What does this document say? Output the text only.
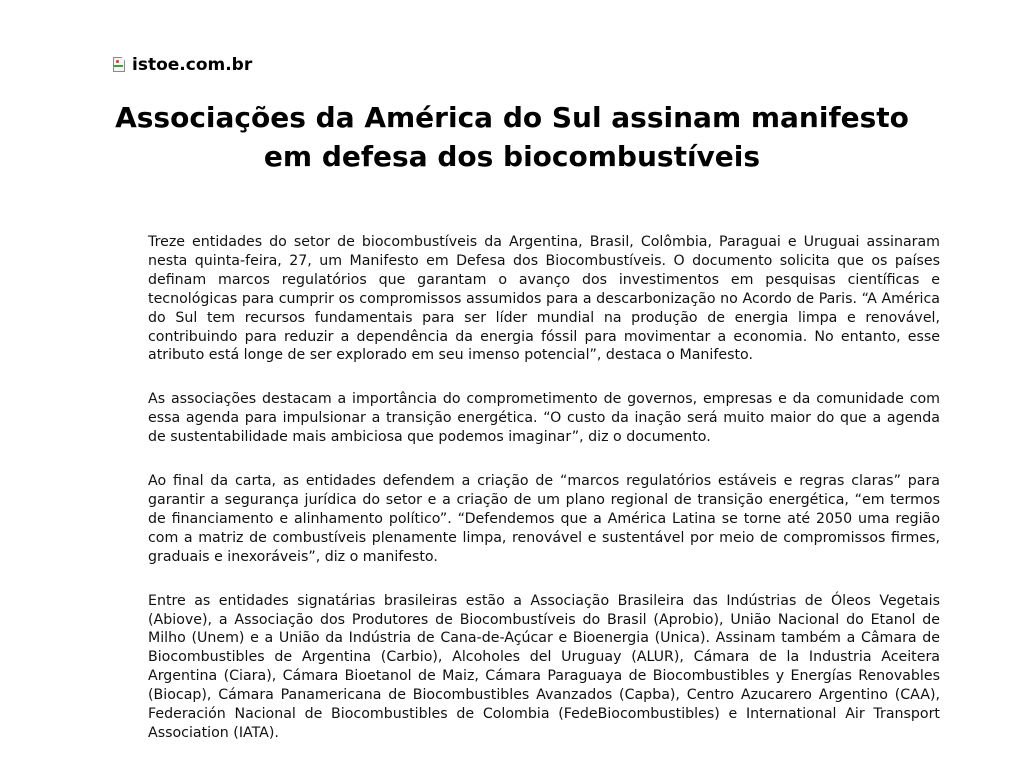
istoe.com.br
Associações da América do Sul assinam manifesto em defesa dos biocombustíveis

Treze entidades do setor de biocombustíveis da Argentina, Brasil, Colômbia, Paraguai e Uruguai assinaram nesta quinta-feira, 27, um Manifesto em Defesa dos Biocombustíveis. O documento solicita que os países definam marcos regulatórios que garantam o avanço dos investimentos em pesquisas científicas e tecnológicas para cumprir os compromissos assumidos para a descarbonização no Acordo de Paris. “A América do Sul tem recursos fundamentais para ser líder mundial na produção de energia limpa e renovável, contribuindo para reduzir a dependência da energia fóssil para movimentar a economia. No entanto, esse atributo está longe de ser explorado em seu imenso potencial”, destaca o Manifesto.

As associações destacam a importância do comprometimento de governos, empresas e da comunidade com essa agenda para impulsionar a transição energética. “O custo da inação será muito maior do que a agenda de sustentabilidade mais ambiciosa que podemos imaginar”, diz o documento.

Ao final da carta, as entidades defendem a criação de “marcos regulatórios estáveis e regras claras” para garantir a segurança jurídica do setor e a criação de um plano regional de transição energética, “em termos de financiamento e alinhamento político”. “Defendemos que a América Latina se torne até 2050 uma região com a matriz de combustíveis plenamente limpa, renovável e sustentável por meio de compromissos firmes, graduais e inexoráveis”, diz o manifesto.

Entre as entidades signatárias brasileiras estão a Associação Brasileira das Indústrias de Óleos Vegetais (Abiove), a Associação dos Produtores de Biocombustíveis do Brasil (Aprobio), União Nacional do Etanol de Milho (Unem) e a União da Indústria de Cana-de-Açúcar e Bioenergia (Unica). Assinam também a Câmara de Biocombustibles de Argentina (Carbio), Alcoholes del Uruguay (ALUR), Cámara de la Industria Aceitera Argentina (Ciara), Cámara Bioetanol de Maiz, Cámara Paraguaya de Biocombustibles y Energías Renovables (Biocap), Cámara Panamericana de Biocombustibles Avanzados (Capba), Centro Azucarero Argentino (CAA), Federación Nacional de Biocombustibles de Colombia (FedeBiocombustibles) e International Air Transport Association (IATA).
